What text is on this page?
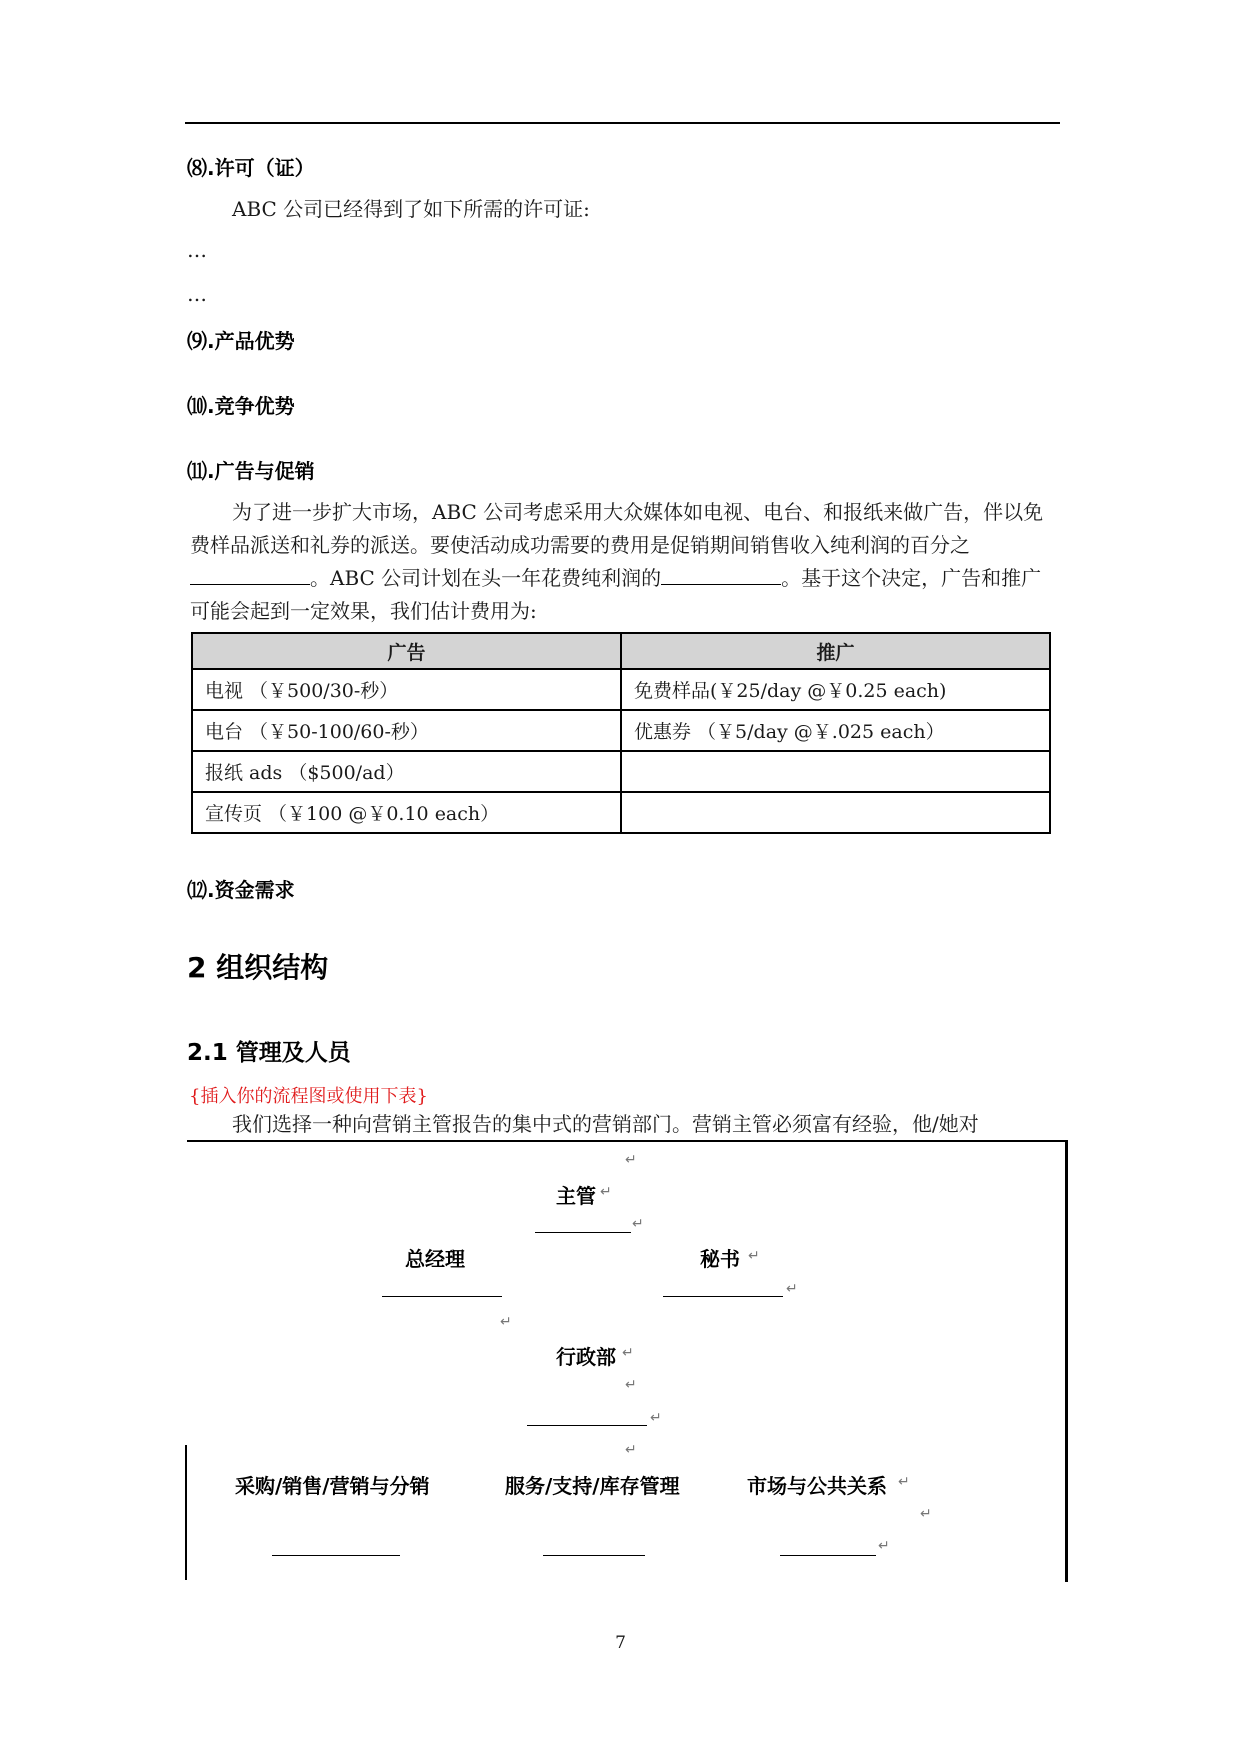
⑻.许可（证）
ABC 公司已经得到了如下所需的许可证:
…
…
⑼.产品优势
⑽.竞争优势
⑾.广告与促销
为了进一步扩大市场，ABC 公司考虑采用大众媒体如电视、电台、和报纸来做广告，伴以免费样品派送和礼券的派送。要使活动成功需要的费用是促销期间销售收入纯利润的百分之。ABC 公司计划在头一年花费纯利润的	。基于这个决定，广告和推广可能会起到一定效果，我们估计费用为:
广告	推广
电视 （￥500/30-秒）	免费样品(￥25/day @￥0.25 each)
电台 （￥50-100/60-秒）	优惠券 （￥5/day @￥.025 each）
报纸 ads （$500/ad）	
宣传页 （￥100 @￥0.10 each）	
⑿.资金需求
2 组织结构
2.1 管理及人员
{插入你的流程图或使用下表}
我们选择一种向营销主管报告的集中式的营销部门。营销主管必须富有经验，他/她对
↵
主管 ↵
↵
总经理	秘书 ↵
↵
↵
行政部 ↵
↵
↵
↵
采购/销售/营销与分销	服务/支持/库存管理	市场与公共关系 ↵
↵
↵
7
